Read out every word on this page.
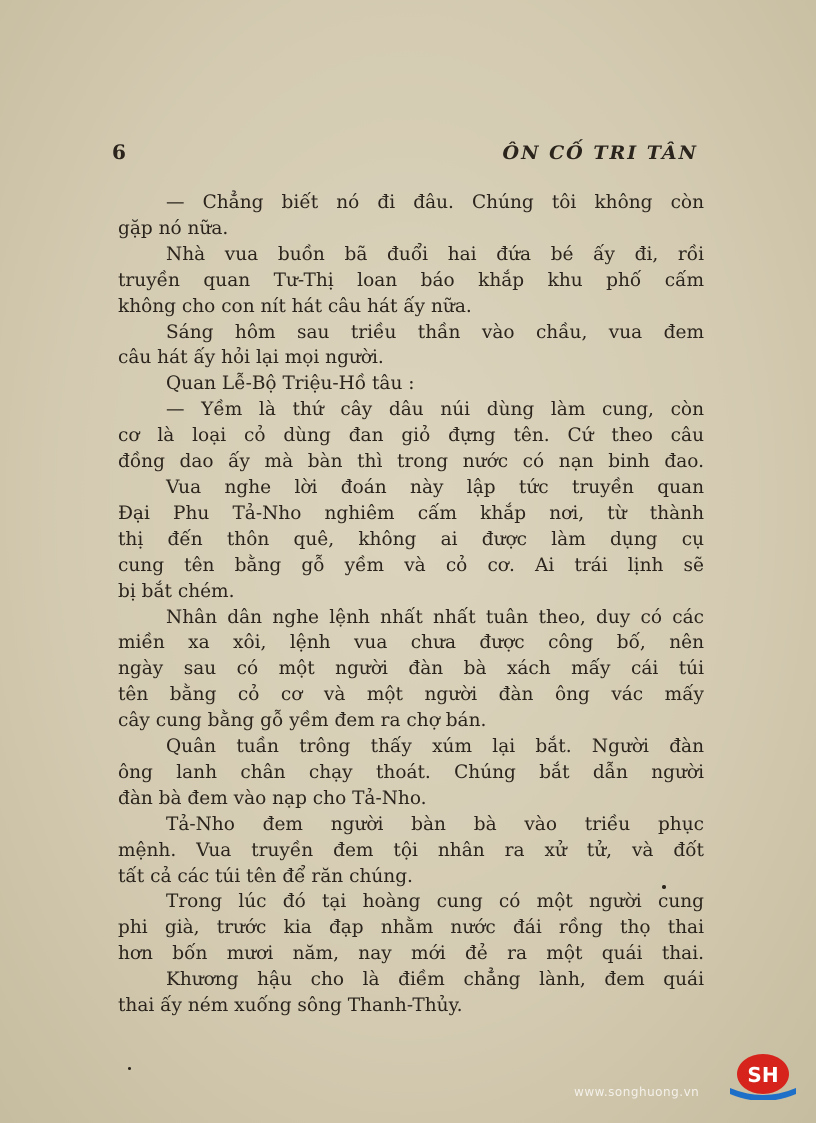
6	ÔN CỐ TRI TÂN
— Chẳng biết nó đi đâu. Chúng tôi không còn
gặp nó nữa.
Nhà vua buồn bã đuổi hai đứa bé ấy đi, rồi
truyền quan Tư-Thị loan báo khắp khu phố cấm
không cho con nít hát câu hát ấy nữa.
Sáng hôm sau triều thần vào chầu, vua đem
câu hát ấy hỏi lại mọi người.
Quan Lễ-Bộ Triệu-Hồ tâu :
— Yềm là thứ cây dâu núi dùng làm cung, còn
cơ là loại cỏ dùng đan giỏ đựng tên. Cứ theo câu
đồng dao ấy mà bàn thì trong nước có nạn binh đao.
Vua nghe lời đoán này lập tức truyền quan
Đại Phu Tả-Nho nghiêm cấm khắp nơi, từ thành
thị đến thôn quê, không ai được làm dụng cụ
cung tên bằng gỗ yềm và cỏ cơ. Ai trái lịnh sẽ
bị bắt chém.
Nhân dân nghe lệnh nhất nhất tuân theo, duy có các
miền xa xôi, lệnh vua chưa được công bố, nên
ngày sau có một người đàn bà xách mấy cái túi
tên bằng cỏ cơ và một người đàn ông vác mấy
cây cung bằng gỗ yềm đem ra chợ bán.
Quân tuần trông thấy xúm lại bắt. Người đàn
ông lanh chân chạy thoát. Chúng bắt dẫn người
đàn bà đem vào nạp cho Tả-Nho.
Tả-Nho đem người bàn bà vào triều phục
mệnh. Vua truyền đem tội nhân ra xử tử, và đốt
tất cả các túi tên để răn chúng.
Trong lúc đó tại hoàng cung có một người cung
phi già, trước kia đạp nhằm nước đái rồng thọ thai
hơn bốn mươi năm, nay mới đẻ ra một quái thai.
Khương hậu cho là điềm chẳng lành, đem quái
thai ấy ném xuống sông Thanh-Thủy.
www.songhuong.vn
SH
